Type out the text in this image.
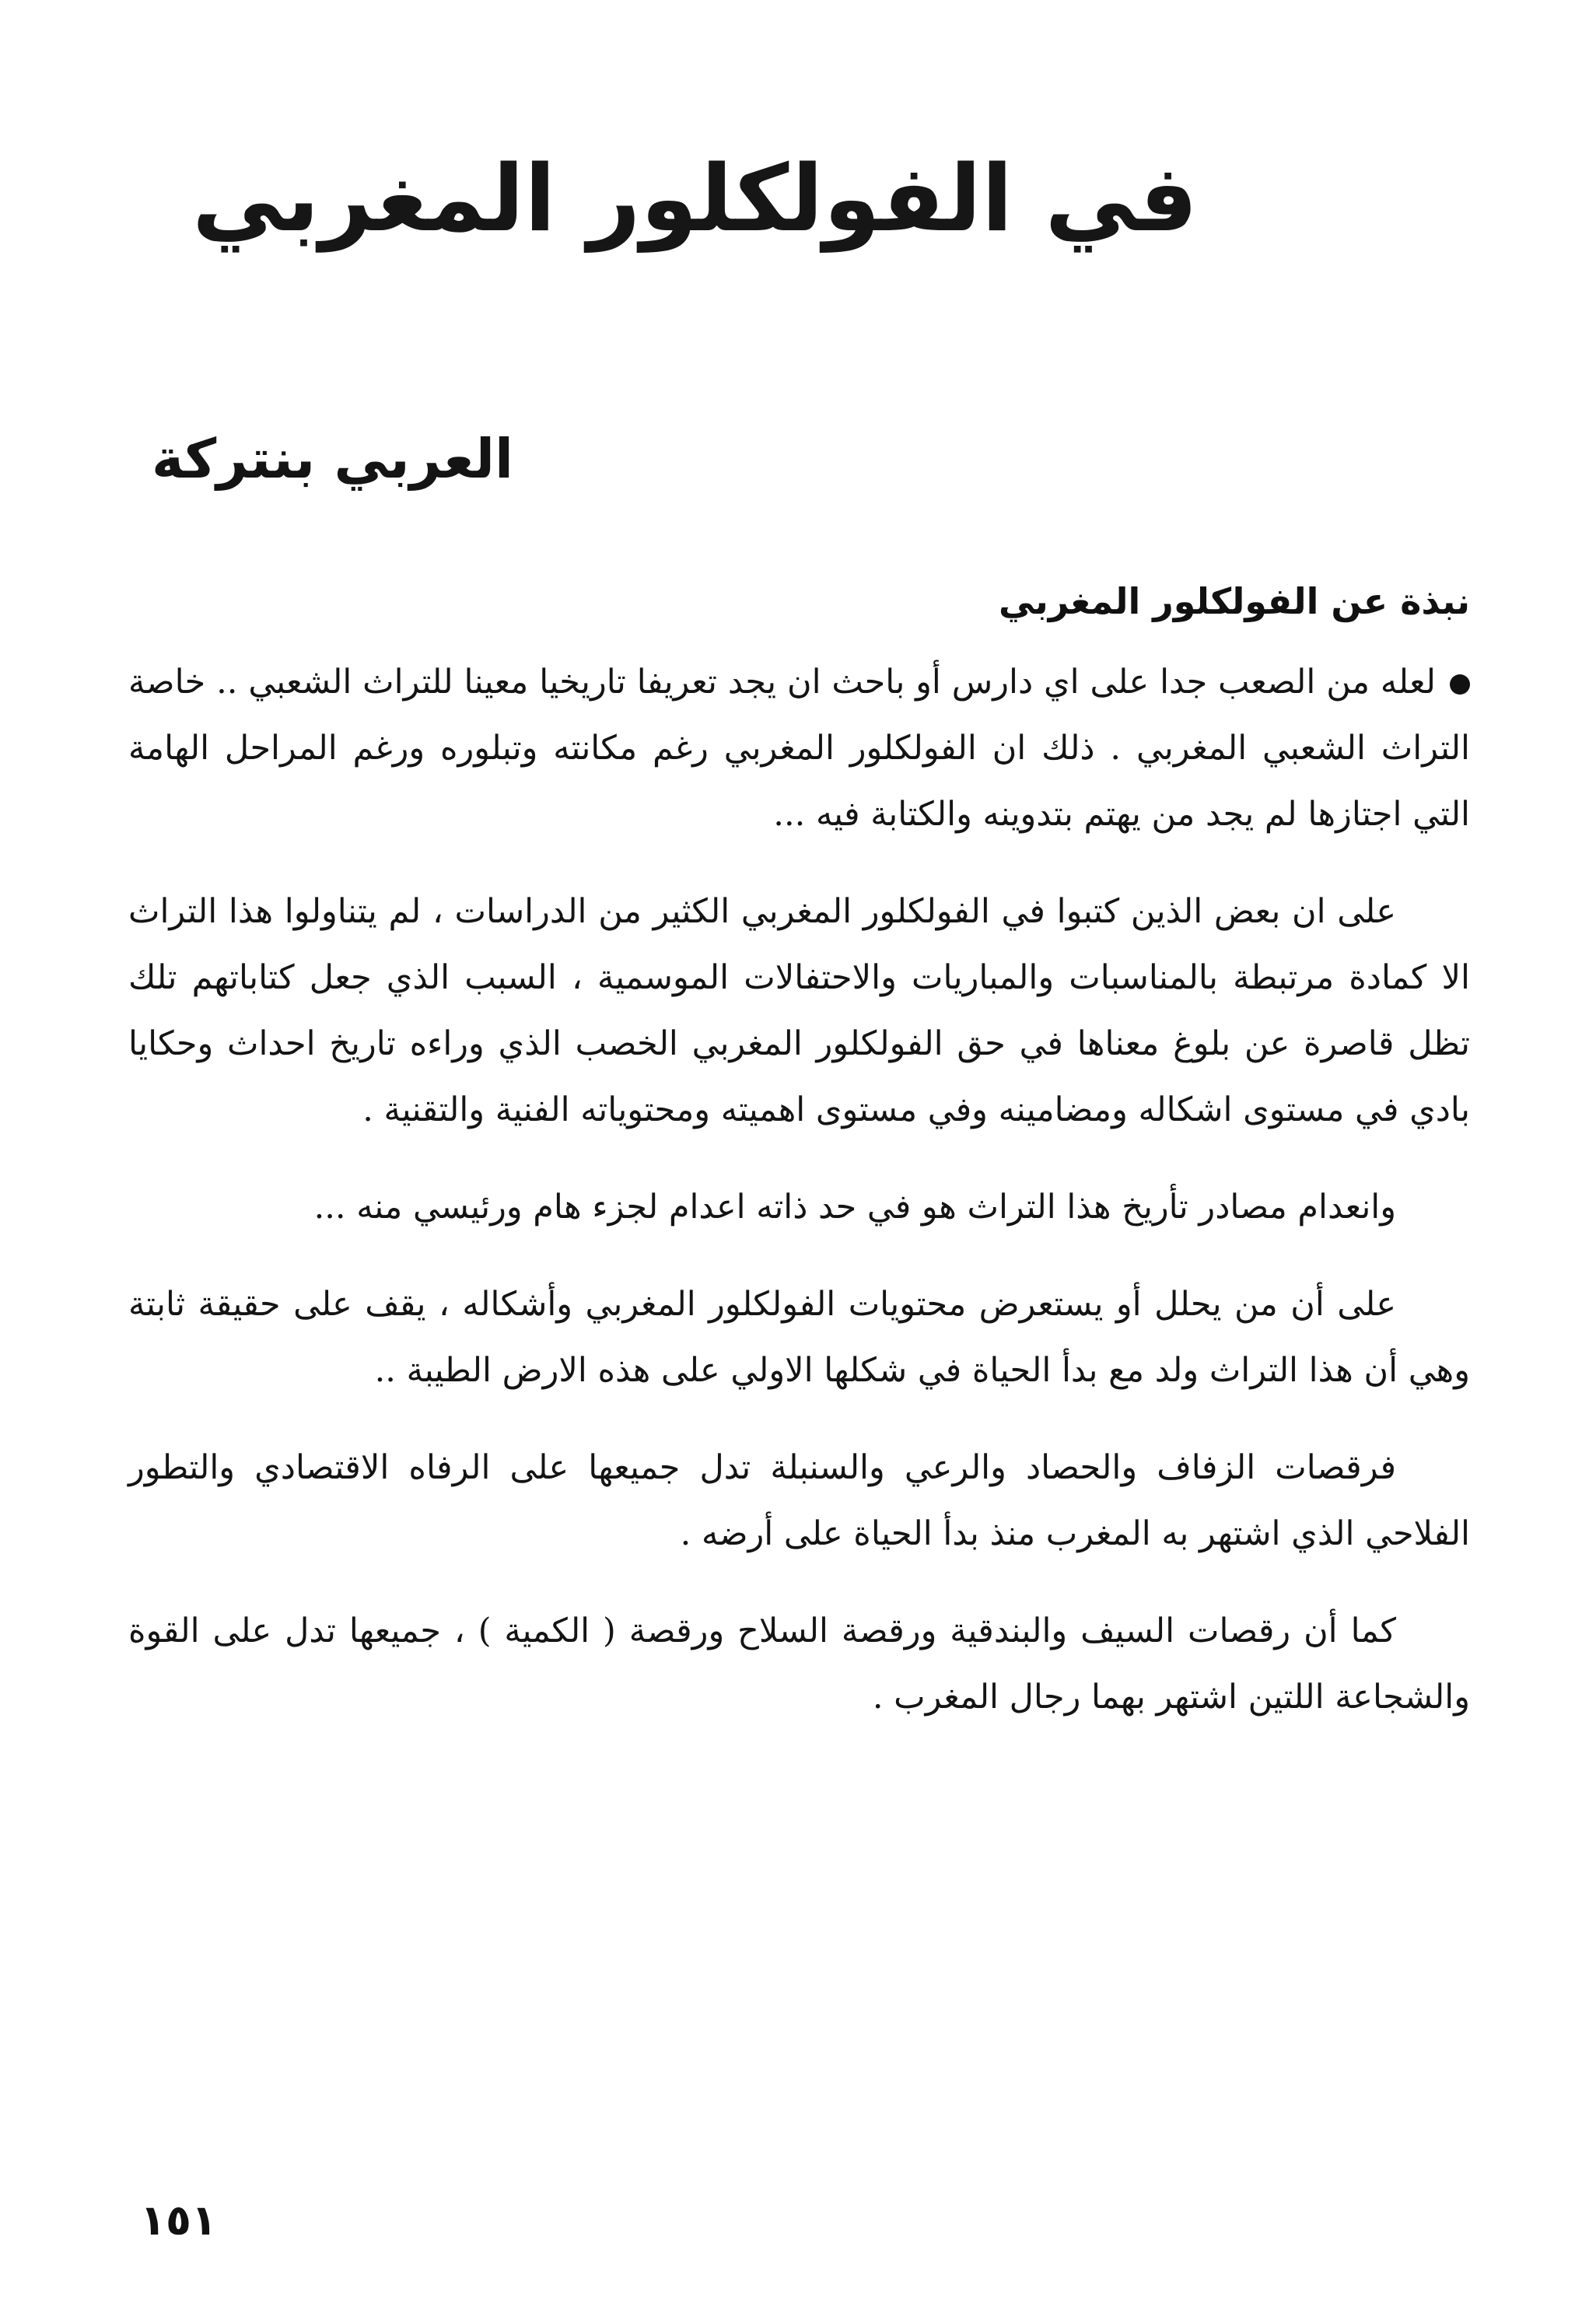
في الفولكلور المغربي
العربي بنتركة
نبذة عن الفولكلور المغربي

لعله من الصعب جدا على اي دارس أو باحث ان يجد تعريفا تاريخيا معينا للتراث الشعبي .. خاصة التراث الشعبي المغربي . ذلك ان الفولكلور المغربي رغم مكانته وتبلوره ورغم المراحل الهامة التي اجتازها لم يجد من يهتم بتدوينه والكتابة فيه ...

على ان بعض الذين كتبوا في الفولكلور المغربي الكثير من الدراسات ، لم يتناولوا هذا التراث الا كمادة مرتبطة بالمناسبات والمباريات والاحتفالات الموسمية ، السبب الذي جعل كتاباتهم تلك تظل قاصرة عن بلوغ معناها في حق الفولكلور المغربي الخصب الذي وراءه تاريخ احداث وحكايا بادي في مستوى اشكاله ومضامينه وفي مستوى اهميته ومحتوياته الفنية والتقنية .

وانعدام مصادر تأريخ هذا التراث هو في حد ذاته اعدام لجزء هام ورئيسي منه ...

على أن من يحلل أو يستعرض محتويات الفولكلور المغربي وأشكاله ، يقف على حقيقة ثابتة وهي أن هذا التراث ولد مع بدأ الحياة في شكلها الاولي على هذه الارض الطيبة ..

فرقصات الزفاف والحصاد والرعي والسنبلة تدل جميعها على الرفاه الاقتصادي والتطور الفلاحي الذي اشتهر به المغرب منذ بدأ الحياة على أرضه .

كما أن رقصات السيف والبندقية ورقصة السلاح ورقصة ( الكمية ) ، جميعها تدل على القوة والشجاعة اللتين اشتهر بهما رجال المغرب .

١٥١
